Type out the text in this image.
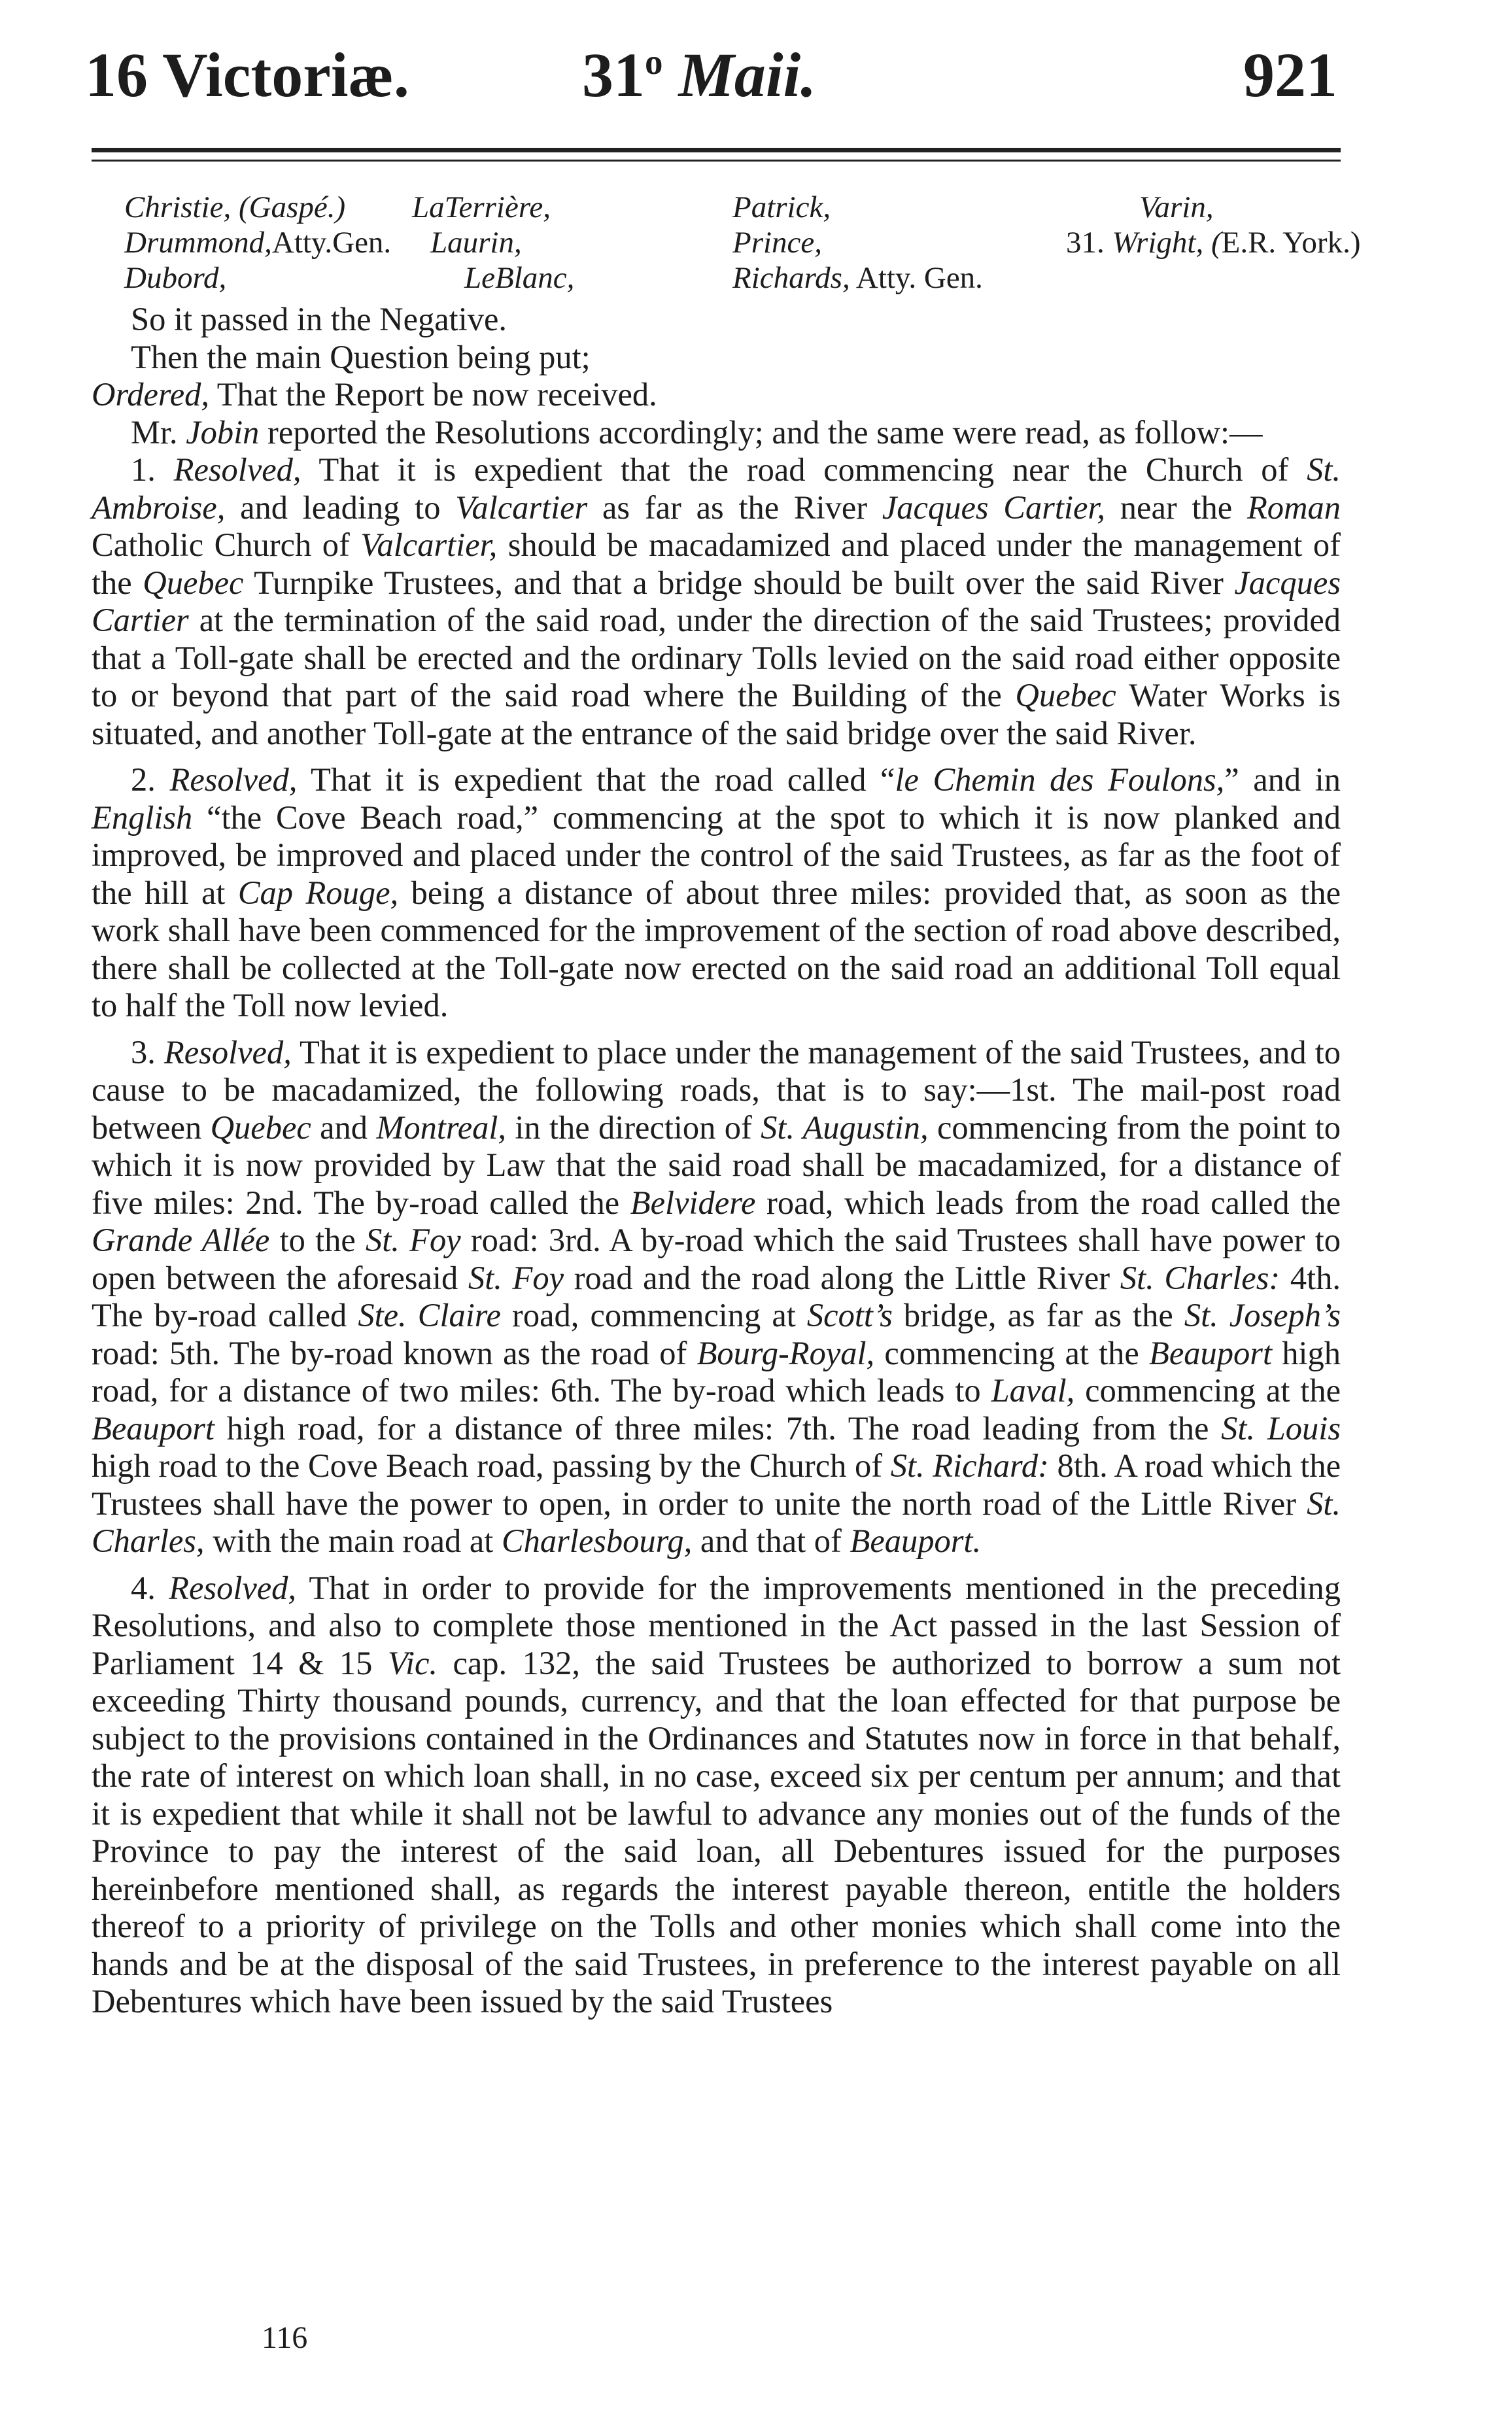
16 Victoriæ.	31$^o$ Maii.	921
Christie, (Gaspé.)
Drummond,Atty.Gen.
Dubord,
LaTerrière,
Laurin,
LeBlanc,
Patrick,
Prince,
Richards, Atty. Gen.
Varin,
31. Wright, (E.R. York.)

So it passed in the Negative.

Then the main Question being put;

Ordered, That the Report be now received.

Mr. Jobin reported the Resolutions accordingly; and the same were read, as follow:—

1. Resolved, That it is expedient that the road commencing near the Church of St. Ambroise, and leading to Valcartier as far as the River Jacques Cartier, near the Roman Catholic Church of Valcartier, should be macadamized and placed under the management of the Quebec Turnpike Trustees, and that a bridge should be built over the said River Jacques Cartier at the termination of the said road, under the direction of the said Trustees; provided that a Toll-gate shall be erected and the ordinary Tolls levied on the said road either opposite to or beyond that part of the said road where the Building of the Quebec Water Works is situated, and another Toll-gate at the entrance of the said bridge over the said River.

2. Resolved, That it is expedient that the road called “le Chemin des Foulons,” and in English “the Cove Beach road,” commencing at the spot to which it is now planked and improved, be improved and placed under the control of the said Trustees, as far as the foot of the hill at Cap Rouge, being a distance of about three miles: provided that, as soon as the work shall have been commenced for the improvement of the section of road above described, there shall be collected at the Toll-gate now erected on the said road an additional Toll equal to half the Toll now levied.

3. Resolved, That it is expedient to place under the management of the said Trustees, and to cause to be macadamized, the following roads, that is to say:—1st. The mail-post road between Quebec and Montreal, in the direction of St. Augustin, commencing from the point to which it is now provided by Law that the said road shall be macadamized, for a distance of five miles: 2nd. The by-road called the Belvidere road, which leads from the road called the Grande Allée to the St. Foy road: 3rd. A by-road which the said Trustees shall have power to open between the aforesaid St. Foy road and the road along the Little River St. Charles: 4th. The by-road called Ste. Claire road, commencing at Scott’s bridge, as far as the St. Joseph’s road: 5th. The by-road known as the road of Bourg-Royal, commencing at the Beauport high road, for a distance of two miles: 6th. The by-road which leads to Laval, commencing at the Beauport high road, for a distance of three miles: 7th. The road leading from the St. Louis high road to the Cove Beach road, passing by the Church of St. Richard: 8th. A road which the Trustees shall have the power to open, in order to unite the north road of the Little River St. Charles, with the main road at Charlesbourg, and that of Beauport.

4. Resolved, That in order to provide for the improvements mentioned in the preceding Resolutions, and also to complete those mentioned in the Act passed in the last Session of Parliament 14 & 15 Vic. cap. 132, the said Trustees be authorized to borrow a sum not exceeding Thirty thousand pounds, currency, and that the loan effected for that purpose be subject to the provisions contained in the Ordinances and Statutes now in force in that behalf, the rate of interest on which loan shall, in no case, exceed six per centum per annum; and that it is expedient that while it shall not be lawful to advance any monies out of the funds of the Province to pay the interest of the said loan, all Debentures issued for the purposes hereinbefore mentioned shall, as regards the interest payable thereon, entitle the holders thereof to a priority of privilege on the Tolls and other monies which shall come into the hands and be at the disposal of the said Trustees, in preference to the interest payable on all Debentures which have been issued by the said Trustees

116
